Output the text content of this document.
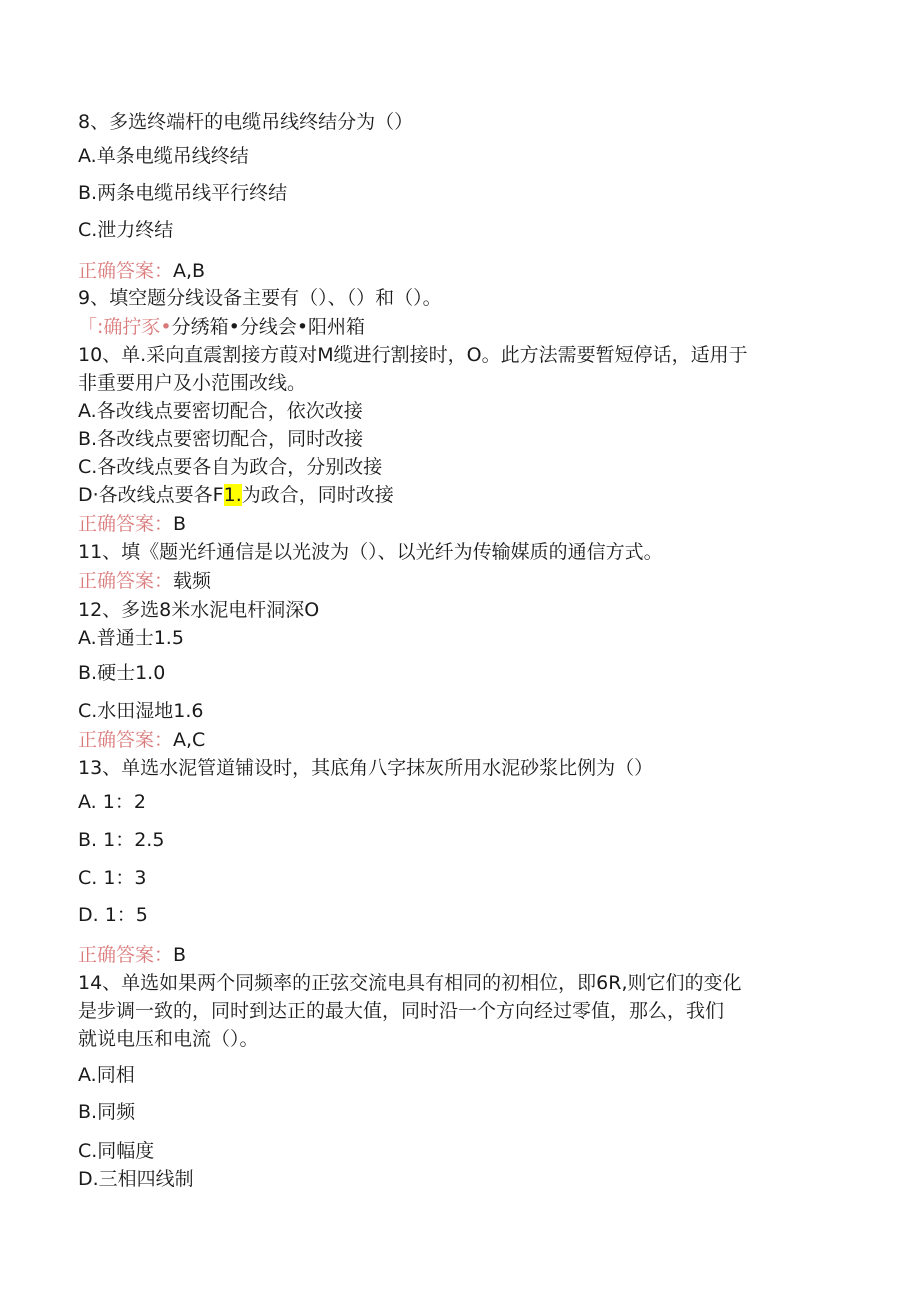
8、多选终端杆的电缆吊线终结分为（）
A.单条电缆吊线终结
B.两条电缆吊线平行终结
C.泄力终结
正确答案：A,B
9、填空题分线设备主要有（）、（）和（）。
「:确拧豕•分绣箱•分线会•阳州箱
10、单.采向直震割接方葭对M缆进行割接时，O。此方法需要暂短停话，适用于
非重要用户及小范围改线。
A.各改线点要密切配合，依次改接
B.各改线点要密切配合，同时改接
C.各改线点要各自为政合，分别改接
D·各改线点要各F1.为政合，同时改接
正确答案：B
11、填《题光纤通信是以光波为（）、以光纤为传输媒质的通信方式。
正确答案：载频
12、多选8米水泥电杆洞深O
A.普通士1.5
B.硬士1.0
C.水田湿地1.6
正确答案：A,C
13、单选水泥管道铺设时，其底角八字抹灰所用水泥砂浆比例为（）
A. 1：2
B. 1：2.5
C. 1：3
D. 1：5
正确答案：B
14、单选如果两个同频率的正弦交流电具有相同的初相位，即6R,则它们的变化
是步调一致的，同时到达正的最大值，同时沿一个方向经过零值，那么，我们
就说电压和电流（）。
A.同相
B.同频
C.同幅度
D.三相四线制
